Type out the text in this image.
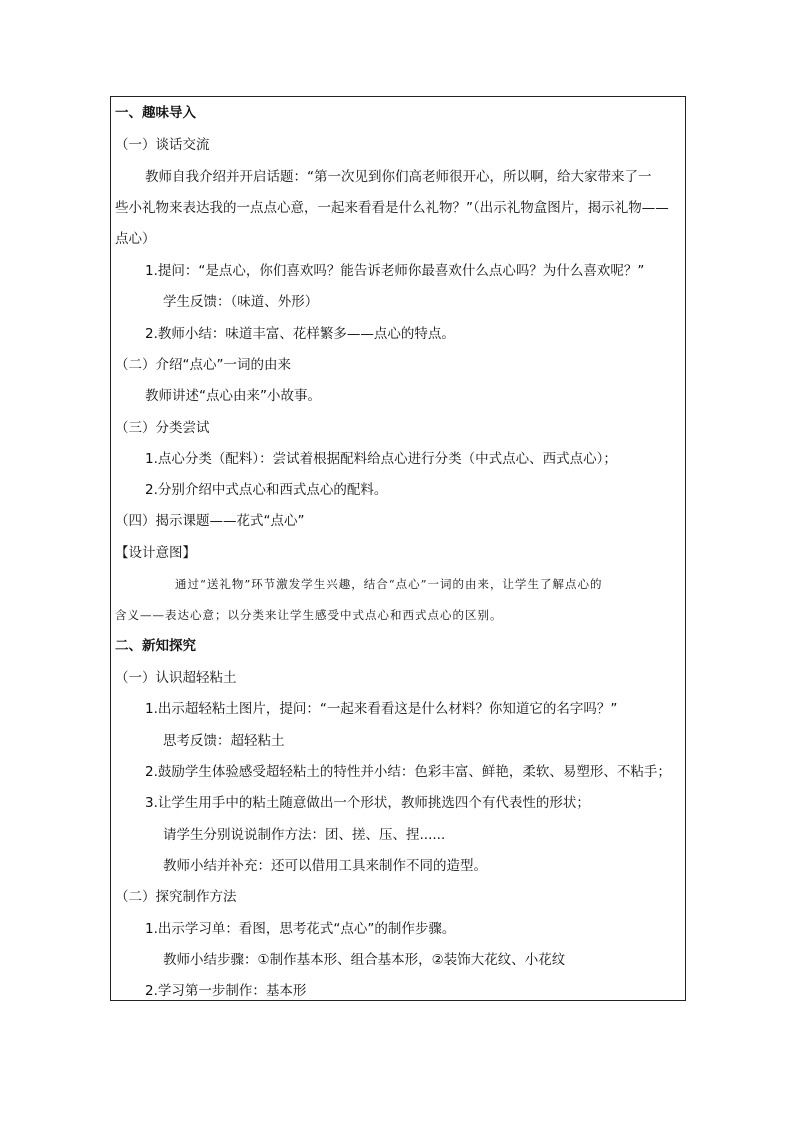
一、趣味导入
（一）谈话交流
教师自我介绍并开启话题：“第一次见到你们高老师很开心，所以啊，给大家带来了一
些小礼物来表达我的一点点心意，一起来看看是什么礼物？”（出示礼物盒图片，揭示礼物——
点心）
1.提问：“是点心，你们喜欢吗？能告诉老师你最喜欢什么点心吗？为什么喜欢呢？”
学生反馈：（味道、外形）
2.教师小结：味道丰富、花样繁多——点心的特点。
（二）介绍“点心”一词的由来
教师讲述“点心由来”小故事。
（三）分类尝试
1.点心分类（配料）：尝试着根据配料给点心进行分类（中式点心、西式点心）；
2.分别介绍中式点心和西式点心的配料。
（四）揭示课题——花式“点心”
【设计意图】
通过“送礼物”环节激发学生兴趣，结合“点心”一词的由来，让学生了解点心的
含义——表达心意；以分类来让学生感受中式点心和西式点心的区别。
二、新知探究
（一）认识超轻粘土
1.出示超轻粘土图片，提问：“一起来看看这是什么材料？你知道它的名字吗？”
思考反馈：超轻粘土
2.鼓励学生体验感受超轻粘土的特性并小结：色彩丰富、鲜艳，柔软、易塑形、不粘手；
3.让学生用手中的粘土随意做出一个形状，教师挑选四个有代表性的形状；
请学生分别说说制作方法：团、搓、压、捏......
教师小结并补充：还可以借用工具来制作不同的造型。
（二）探究制作方法
1.出示学习单：看图，思考花式“点心”的制作步骤。
教师小结步骤：①制作基本形、组合基本形，②装饰大花纹、小花纹
2.学习第一步制作：基本形
